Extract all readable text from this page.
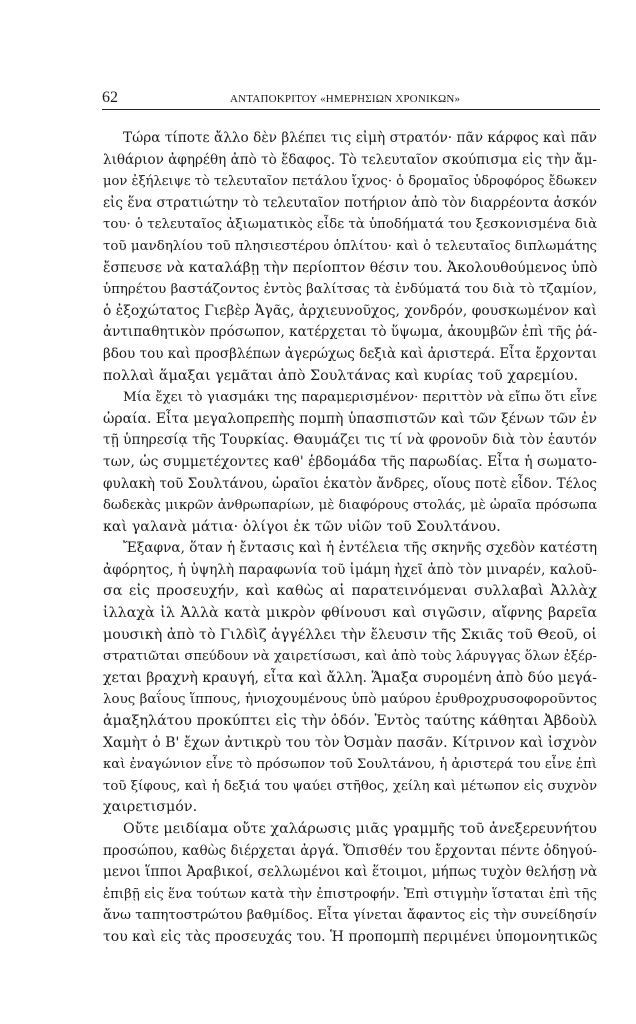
62	ΑΝΤΑΠΟΚΡΙΤΟΥ «ΗΜΕΡΗΣΙΩΝ ΧΡΟΝΙΚΩΝ»
Τώρα τίποτε ἄλλο δὲν βλέπει τις εἰμὴ στρατόν· πᾶν κάρφος καὶ πᾶν
λιθάριον ἀφηρέθη ἀπὸ τὸ ἔδαφος. Τὸ τελευταῖον σκούπισμα εἰς τὴν ἄμ-
μον ἐξήλειψε τὸ τελευταῖον πετάλου ἴχνος· ὁ δρομαῖος ὑδροφόρος ἔδωκεν
εἰς ἕνα στρατιώτην τὸ τελευταῖον ποτήριον ἀπὸ τὸν διαρρέοντα ἀσκόν
του· ὁ τελευταῖος ἀξιωματικὸς εἶδε τὰ ὑποδήματά του ξεσκονισμένα διὰ
τοῦ μανδηλίου τοῦ πλησιεστέρου ὁπλίτου· καὶ ὁ τελευταῖος διπλωμάτης
ἔσπευσε νὰ καταλάβῃ τὴν περίοπτον θέσιν του. Ἀκολουθούμενος ὑπὸ
ὑπηρέτου βαστάζοντος ἐντὸς βαλίτσας τὰ ἐνδύματά του διὰ τὸ τζαμίον,
ὁ ἐξοχώτατος Γιεβὲρ Ἀγᾶς, ἀρχιευνοῦχος, χονδρόν, φουσκωμένον καὶ
ἀντιπαθητικὸν πρόσωπον, κατέρχεται τὸ ὕψωμα, ἀκουμβῶν ἐπὶ τῆς ῥά-
βδου του καὶ προσβλέπων ἀγερώχως δεξιὰ καὶ ἀριστερά. Εἶτα ἔρχονται
πολλαὶ ἅμαξαι γεμᾶται ἀπὸ Σουλτάνας καὶ κυρίας τοῦ χαρεμίου.
Μία ἔχει τὸ γιασμάκι της παραμερισμένον· περιττὸν νὰ εἴπω ὅτι εἶνε
ὡραία. Εἶτα μεγαλοπρεπὴς πομπὴ ὑπασπιστῶν καὶ τῶν ξένων τῶν ἐν
τῇ ὑπηρεσίᾳ τῆς Τουρκίας. Θαυμάζει τις τί νὰ φρονοῦν διὰ τὸν ἑαυτόν
των, ὡς συμμετέχοντες καθ' ἑβδομάδα τῆς παρωδίας. Εἶτα ἡ σωματο-
φυλακὴ τοῦ Σουλτάνου, ὡραῖοι ἑκατὸν ἄνδρες, οἵους ποτὲ εἶδον. Τέλος
δωδεκὰς μικρῶν ἀνθρωπαρίων, μὲ διαφόρους στολάς, μὲ ὡραῖα πρόσωπα
καὶ γαλανὰ μάτια· ὀλίγοι ἐκ τῶν υἱῶν τοῦ Σουλτάνου.
Ἔξαφνα, ὅταν ἡ ἔντασις καὶ ἡ ἐντέλεια τῆς σκηνῆς σχεδὸν κατέστη
ἀφόρητος, ἡ ὑψηλὴ παραφωνία τοῦ ἰμάμη ἠχεῖ ἀπὸ τὸν μιναρέν, καλοῦ-
σα εἰς προσευχήν, καὶ καθὼς αἱ παρατεινόμεναι συλλαβαὶ Ἀλλὰχ
ἰλλαχὰ ἰλ Ἀλλὰ κατὰ μικρὸν φθίνουσι καὶ σιγῶσιν, αἴφνης βαρεῖα
μουσικὴ ἀπὸ τὸ Γιλδὶζ ἀγγέλλει τὴν ἔλευσιν τῆς Σκιᾶς τοῦ Θεοῦ, οἱ
στρατιῶται σπεύδουν νὰ χαιρετίσωσι, καὶ ἀπὸ τοὺς λάρυγγας ὅλων ἐξέρ-
χεται βραχνὴ κραυγή, εἶτα καὶ ἄλλη. Ἅμαξα συρομένη ἀπὸ δύο μεγά-
λους βαΐους ἵππους, ἡνιοχουμένους ὑπὸ μαύρου ἐρυθροχρυσοφοροῦντος
ἁμαξηλάτου προκύπτει εἰς τὴν ὁδόν. Ἐντὸς ταύτης κάθηται Ἀβδοὺλ
Χαμὴτ ὁ Β' ἔχων ἀντικρὺ του τὸν Ὀσμὰν πασᾶν. Κίτρινον καὶ ἰσχνὸν
καὶ ἐναγώνιον εἶνε τὸ πρόσωπον τοῦ Σουλτάνου, ἡ ἀριστερά του εἶνε ἐπὶ
τοῦ ξίφους, καὶ ἡ δεξιά του ψαύει στῆθος, χείλη καὶ μέτωπον εἰς συχνὸν
χαιρετισμόν.
Οὔτε μειδίαμα οὔτε χαλάρωσις μιᾶς γραμμῆς τοῦ ἀνεξερευνήτου
προσώπου, καθὼς διέρχεται ἀργά. Ὄπισθέν του ἔρχονται πέντε ὁδηγού-
μενοι ἵπποι Ἀραβικοί, σελλωμένοι καὶ ἕτοιμοι, μήπως τυχὸν θελήσῃ νὰ
ἐπιβῇ εἰς ἕνα τούτων κατὰ τὴν ἐπιστροφήν. Ἐπὶ στιγμὴν ἵσταται ἐπὶ τῆς
ἄνω ταπητοστρώτου βαθμίδος. Εἶτα γίνεται ἄφαντος εἰς τὴν συνείδησίν
του καὶ εἰς τὰς προσευχάς του. Ἡ προπομπὴ περιμένει ὑπομονητικῶς
